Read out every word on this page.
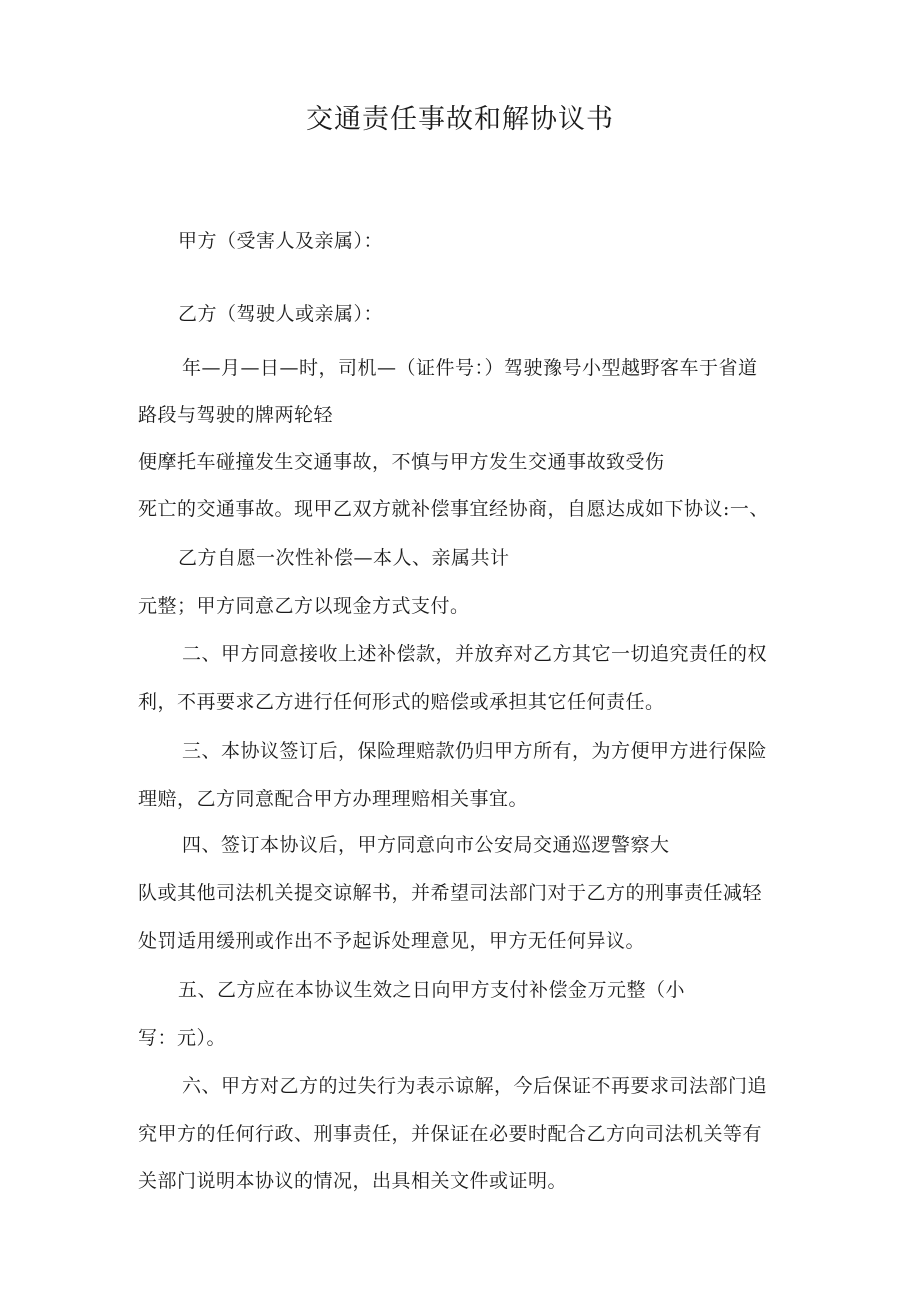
交通责任事故和解协议书
甲方（受害人及亲属）：
乙方（驾驶人或亲属）：
年—月—日—时，司机—（证件号：）驾驶豫号小型越野客车于省道
路段与驾驶的牌两轮轻
便摩托车碰撞发生交通事故，不慎与甲方发生交通事故致受伤
死亡的交通事故。现甲乙双方就补偿事宜经协商，自愿达成如下协议:一、
乙方自愿一次性补偿—本人、亲属共计
元整；甲方同意乙方以现金方式支付。
二、甲方同意接收上述补偿款，并放弃对乙方其它一切追究责任的权
利，不再要求乙方进行任何形式的赔偿或承担其它任何责任。
三、本协议签订后，保险理赔款仍归甲方所有，为方便甲方进行保险
理赔，乙方同意配合甲方办理理赔相关事宜。
四、签订本协议后，甲方同意向市公安局交通巡逻警察大
队或其他司法机关提交谅解书，并希望司法部门对于乙方的刑事责任减轻
处罚适用缓刑或作出不予起诉处理意见，甲方无任何异议。
五、乙方应在本协议生效之日向甲方支付补偿金万元整（小
写：元）。
六、甲方对乙方的过失行为表示谅解，今后保证不再要求司法部门追
究甲方的任何行政、刑事责任，并保证在必要时配合乙方向司法机关等有
关部门说明本协议的情况，出具相关文件或证明。
